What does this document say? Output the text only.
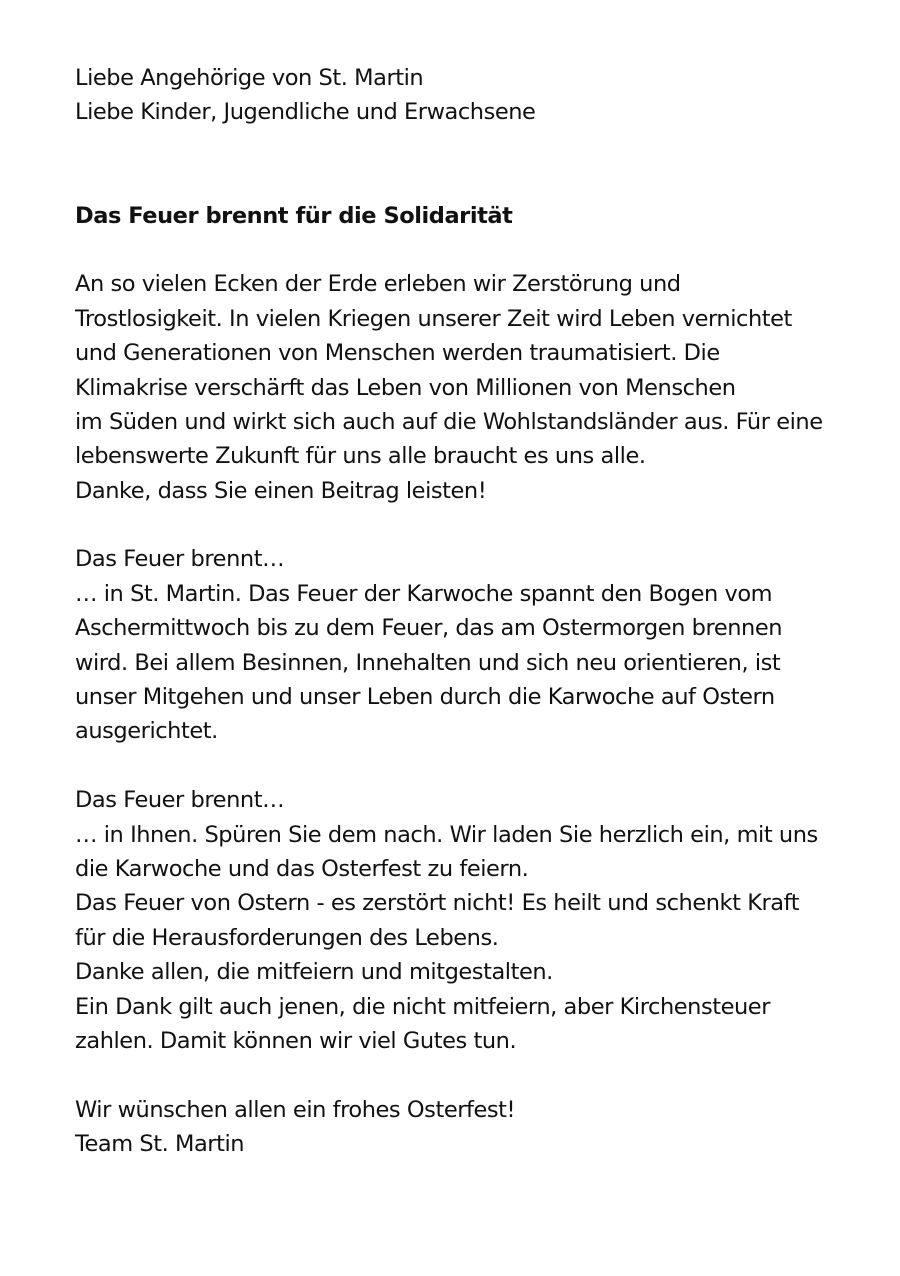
Liebe Angehörige von St. Martin
Liebe Kinder, Jugendliche und Erwachsene
Das Feuer brennt für die Solidarität
An so vielen Ecken der Erde erleben wir Zerstörung und
Trostlosigkeit. In vielen Kriegen unserer Zeit wird Leben vernichtet
und Generationen von Menschen werden traumatisiert. Die
Klimakrise verschärft das Leben von Millionen von Menschen
im Süden und wirkt sich auch auf die Wohlstandsländer aus. Für eine
lebenswerte Zukunft für uns alle braucht es uns alle.
Danke, dass Sie einen Beitrag leisten!
Das Feuer brennt…
… in St. Martin. Das Feuer der Karwoche spannt den Bogen vom
Aschermittwoch bis zu dem Feuer, das am Ostermorgen brennen
wird. Bei allem Besinnen, Innehalten und sich neu orientieren, ist
unser Mitgehen und unser Leben durch die Karwoche auf Ostern
ausgerichtet.
Das Feuer brennt…
… in Ihnen. Spüren Sie dem nach. Wir laden Sie herzlich ein, mit uns
die Karwoche und das Osterfest zu feiern.
Das Feuer von Ostern - es zerstört nicht! Es heilt und schenkt Kraft
für die Herausforderungen des Lebens.
Danke allen, die mitfeiern und mitgestalten.
Ein Dank gilt auch jenen, die nicht mitfeiern, aber Kirchensteuer
zahlen. Damit können wir viel Gutes tun.
Wir wünschen allen ein frohes Osterfest!
Team St. Martin
